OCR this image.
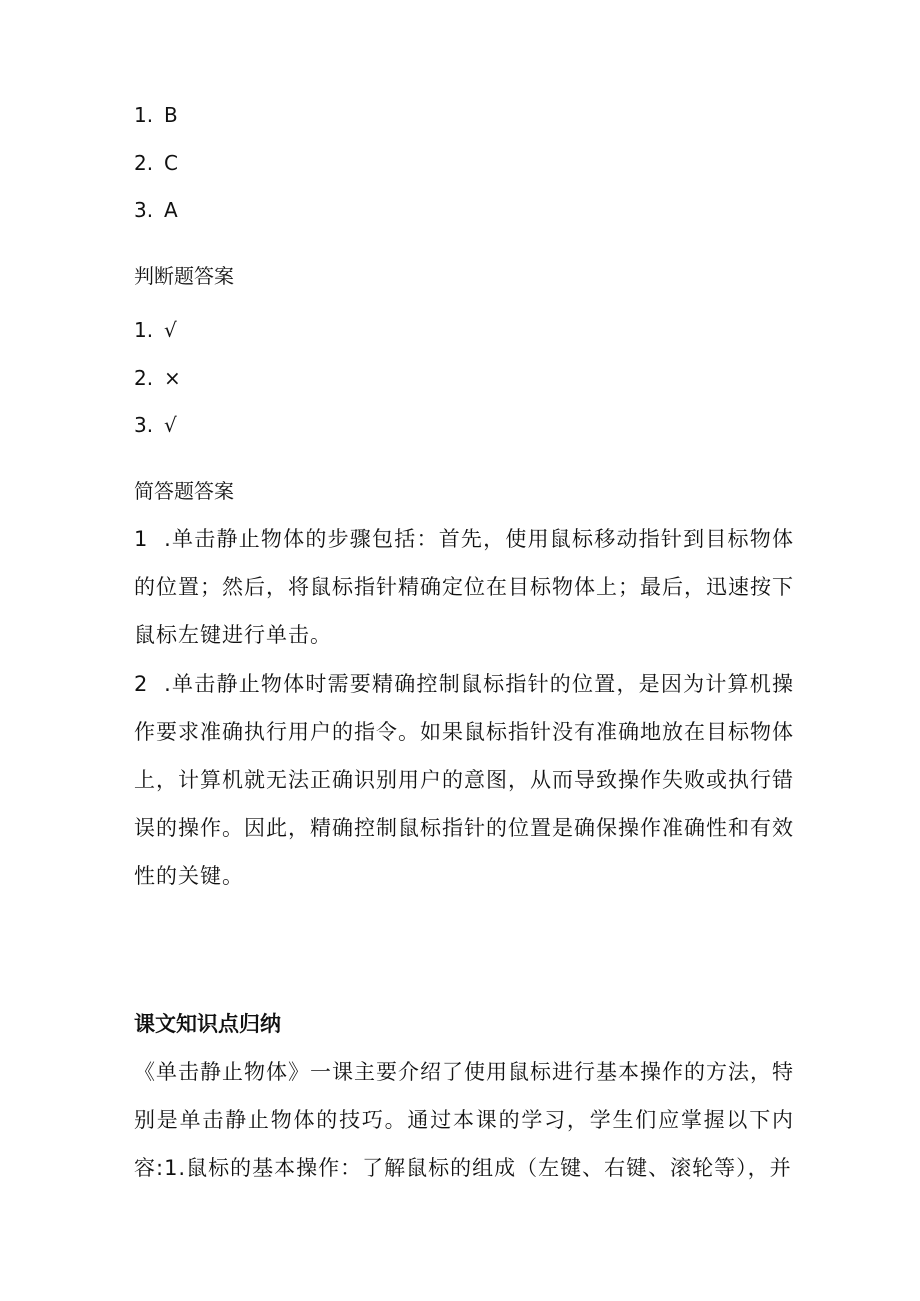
1. B
2. C
3. A
判断题答案
1. √
2. ×
3. √
简答题答案
1  .单击静止物体的步骤包括：首先，使用鼠标移动指针到目标物体的位置；然后，将鼠标指针精确定位在目标物体上；最后，迅速按下鼠标左键进行单击。
2  .单击静止物体时需要精确控制鼠标指针的位置，是因为计算机操作要求准确执行用户的指令。如果鼠标指针没有准确地放在目标物体上，计算机就无法正确识别用户的意图，从而导致操作失败或执行错误的操作。因此，精确控制鼠标指针的位置是确保操作准确性和有效性的关键。
课文知识点归纳
《单击静止物体》一课主要介绍了使用鼠标进行基本操作的方法，特别是单击静止物体的技巧。通过本课的学习，学生们应掌握以下内容:1.鼠标的基本操作：了解鼠标的组成（左键、右键、滚轮等），并
